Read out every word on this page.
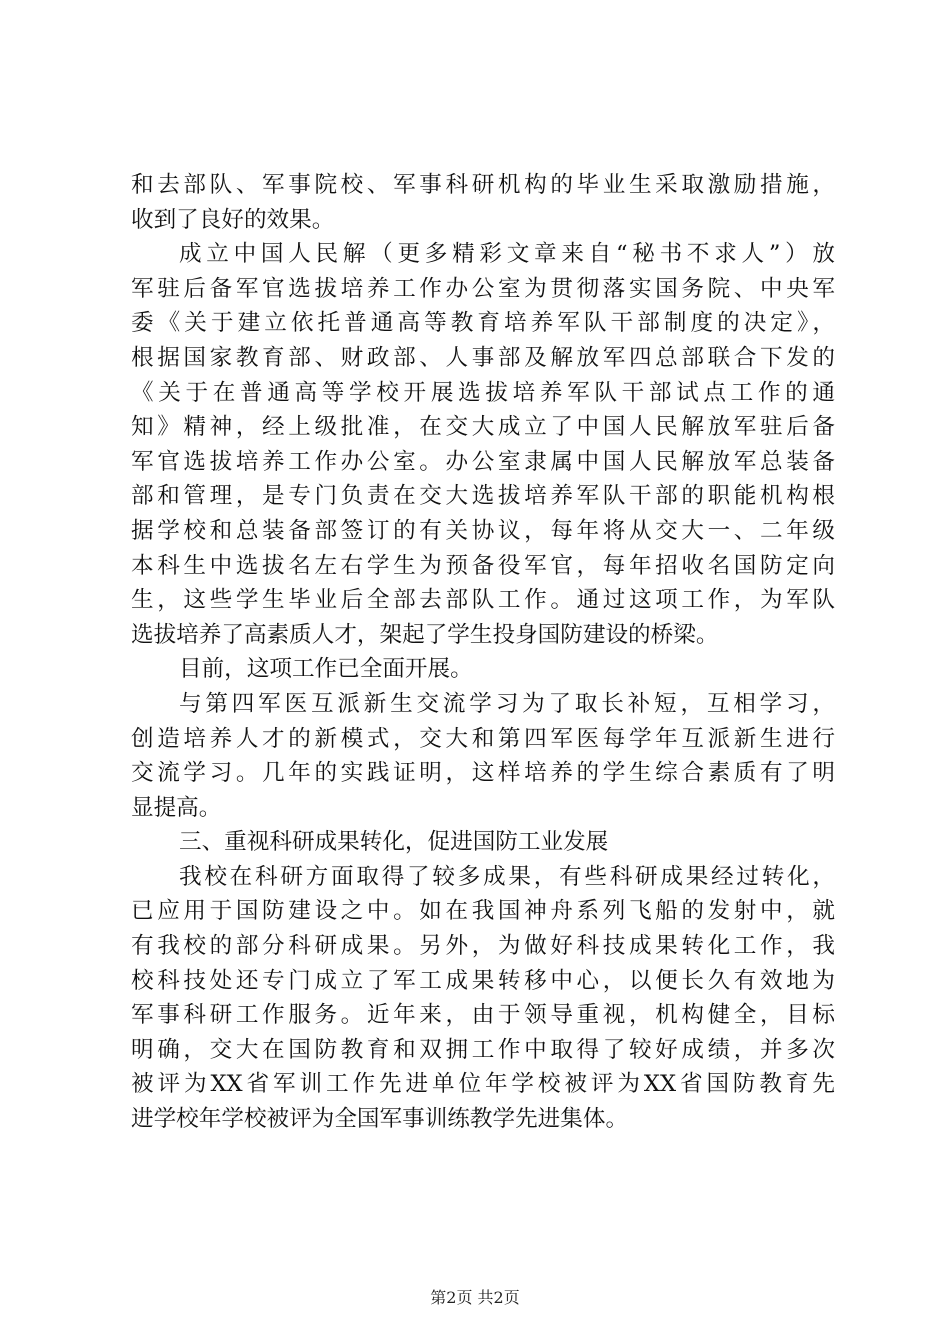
和去部队、军事院校、军事科研机构的毕业生采取激励措施，
收到了良好的效果。
成立中国人民解（更多精彩文章来自“秘书不求人”）放
军驻后备军官选拔培养工作办公室为贯彻落实国务院、中央军
委《关于建立依托普通高等教育培养军队干部制度的决定》，
根据国家教育部、财政部、人事部及解放军四总部联合下发的
《关于在普通高等学校开展选拔培养军队干部试点工作的通
知》精神，经上级批准，在交大成立了中国人民解放军驻后备
军官选拔培养工作办公室。办公室隶属中国人民解放军总装备
部和管理，是专门负责在交大选拔培养军队干部的职能机构根
据学校和总装备部签订的有关协议，每年将从交大一、二年级
本科生中选拔名左右学生为预备役军官，每年招收名国防定向
生，这些学生毕业后全部去部队工作。通过这项工作，为军队
选拔培养了高素质人才，架起了学生投身国防建设的桥梁。
目前，这项工作已全面开展。
与第四军医互派新生交流学习为了取长补短，互相学习，
创造培养人才的新模式，交大和第四军医每学年互派新生进行
交流学习。几年的实践证明，这样培养的学生综合素质有了明
显提高。
三、重视科研成果转化，促进国防工业发展
我校在科研方面取得了较多成果，有些科研成果经过转化，
已应用于国防建设之中。如在我国神舟系列飞船的发射中，就
有我校的部分科研成果。另外，为做好科技成果转化工作，我
校科技处还专门成立了军工成果转移中心，以便长久有效地为
军事科研工作服务。近年来，由于领导重视，机构健全，目标
明确，交大在国防教育和双拥工作中取得了较好成绩，并多次
被评为XX省军训工作先进单位年学校被评为XX省国防教育先
进学校年学校被评为全国军事训练教学先进集体。
第2页 共2页
